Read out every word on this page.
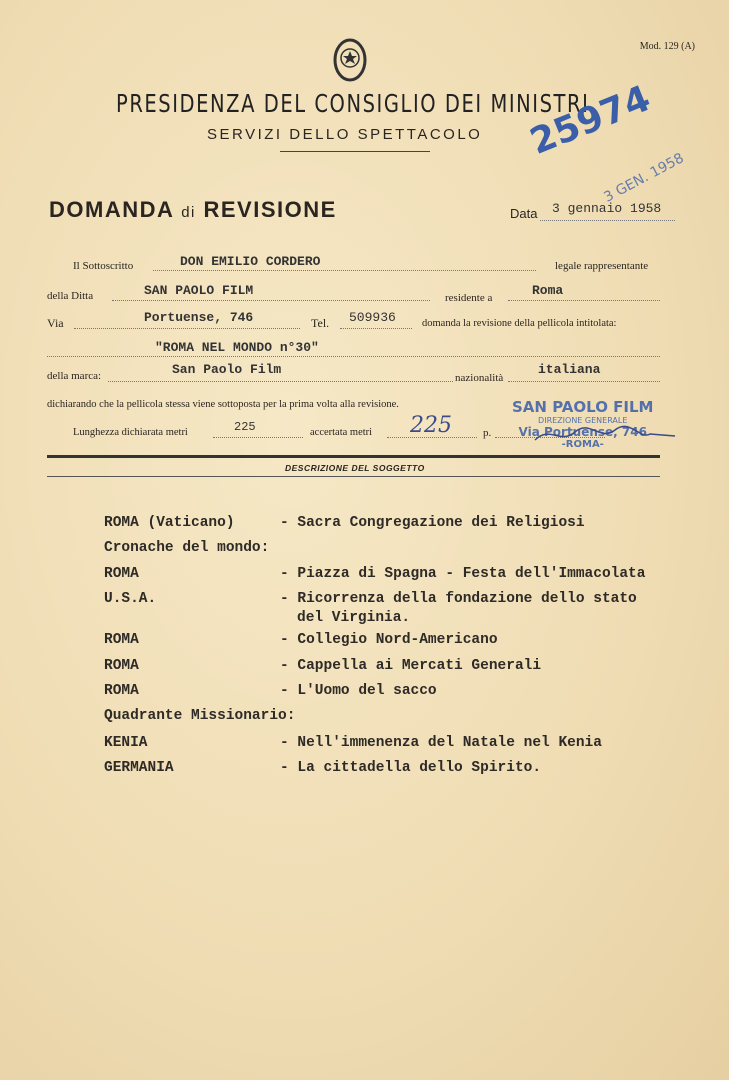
Mod. 129 (A)
PRESIDENZA DEL CONSIGLIO DEI MINISTRI
SERVIZI DELLO SPETTACOLO
DOMANDA di REVISIONE	Data 3 gennaio 1958
25974
3 GEN. 1958
Il Sottoscritto	DON EMILIO CORDERO	legale rappresentante
della Ditta	SAN PAOLO FILM	residente a	Roma
Via	Portuense, 746	Tel. 509936 domanda la revisione della pellicola intitolata:
"ROMA NEL MONDO n°30"
della marca:	San Paolo Film
nazionalità
italiana
dichiarando che la pellicola stessa viene sottoposta per la prima volta alla revisione.
Lunghezza dichiarata metri	225	accertata metri 225	p.
SAN PAOLO FILM
DIREZIONE GENERALE
Via Portuense, 746
-ROMA-
DESCRIZIONE DEL SOGGETTO
ROMA (Vaticano)	- Sacra Congregazione dei Religiosi
Cronache del mondo:
ROMA	- Piazza di Spagna - Festa dell'Immacolata
U.S.A.	- Ricorrenza della fondazione dello stato
del Virginia.
ROMA	- Collegio Nord-Americano
ROMA	- Cappella ai Mercati Generali
ROMA	- L'Uomo del sacco
Quadrante Missionario:
KENIA	- Nell'immenenza del Natale nel Kenia
GERMANIA	- La cittadella dello Spirito.
